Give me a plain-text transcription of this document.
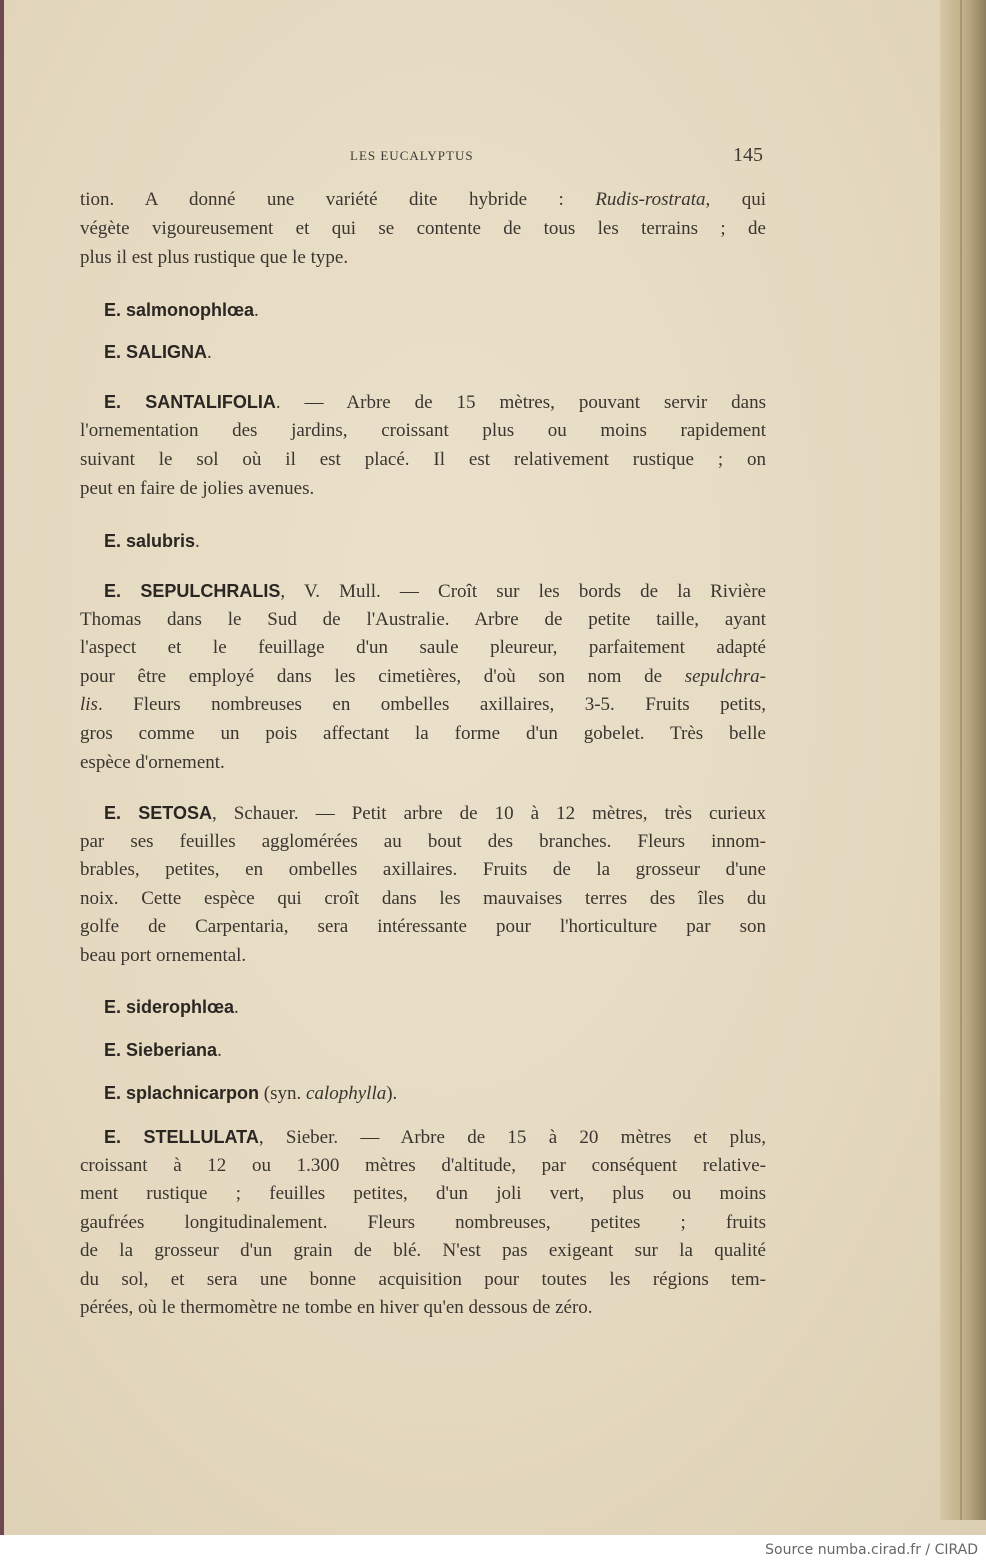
LES EUCALYPTUS	145
tion. A donné une variété dite hybride : Rudis-rostrata, qui
végète vigoureusement et qui se contente de tous les terrains ; de
plus il est plus rustique que le type.
E. salmonophlœa.
E. SALIGNA.
E. SANTALIFOLIA. — Arbre de 15 mètres, pouvant servir dans
l'ornementation des jardins, croissant plus ou moins rapidement
suivant le sol où il est placé. Il est relativement rustique ; on
peut en faire de jolies avenues.
E. salubris.
E. SEPULCHRALIS, V. Mull. — Croît sur les bords de la Rivière
Thomas dans le Sud de l'Australie. Arbre de petite taille, ayant
l'aspect et le feuillage d'un saule pleureur, parfaitement adapté
pour être employé dans les cimetières, d'où son nom de sepulchra-
lis. Fleurs nombreuses en ombelles axillaires, 3-5. Fruits petits,
gros comme un pois affectant la forme d'un gobelet. Très belle
espèce d'ornement.
E. SETOSA, Schauer. — Petit arbre de 10 à 12 mètres, très curieux
par ses feuilles agglomérées au bout des branches. Fleurs innom-
brables, petites, en ombelles axillaires. Fruits de la grosseur d'une
noix. Cette espèce qui croît dans les mauvaises terres des îles du
golfe de Carpentaria, sera intéressante pour l'horticulture par son
beau port ornemental.
E. siderophlœa.
E. Sieberiana.
E. splachnicarpon (syn. calophylla).
E. STELLULATA, Sieber. — Arbre de 15 à 20 mètres et plus,
croissant à 12 ou 1.300 mètres d'altitude, par conséquent relative-
ment rustique ; feuilles petites, d'un joli vert, plus ou moins
gaufrées longitudinalement. Fleurs nombreuses, petites ; fruits
de la grosseur d'un grain de blé. N'est pas exigeant sur la qualité
du sol, et sera une bonne acquisition pour toutes les régions tem-
pérées, où le thermomètre ne tombe en hiver qu'en dessous de zéro.
Source numba.cirad.fr / CIRAD
